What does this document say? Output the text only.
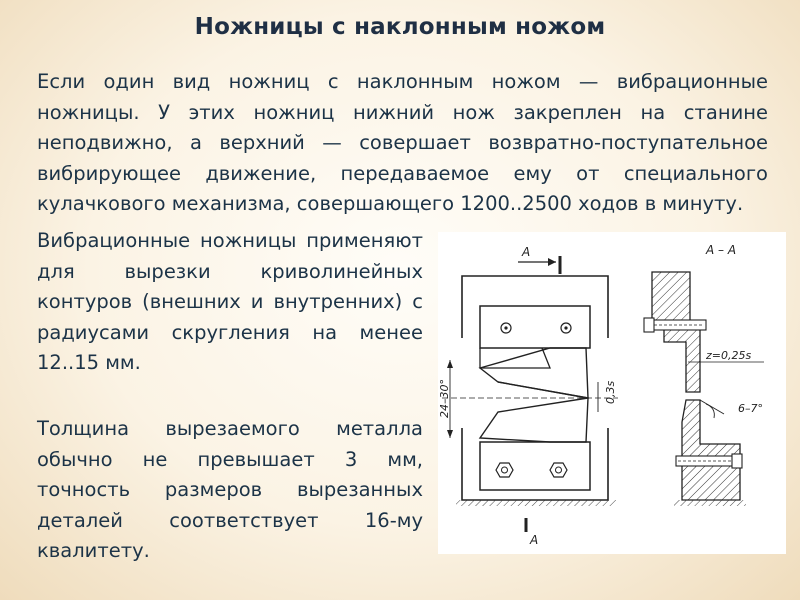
Ножницы с наклонным ножом

Если один вид ножниц с наклонным ножом — вибрационные ножницы. У этих ножниц нижний нож закреплен на станине неподвижно, а верхний — совершает возвратно-поступательное вибрирующее движение, передаваемое ему от специального кулачкового механизма, совершающего 1200..2500 ходов в минуту.

Вибрационные ножницы применяют для вырезки криволинейных контуров (внешних и внутренних) с радиусами скругления на менее 12..15 мм.

Толщина вырезаемого металла обычно не превышает 3 мм, точность размеров вырезанных деталей соответствует 16-му квалитету.

А
24–30°	0,3s
А
А – А
z=0,25s
6–7°
